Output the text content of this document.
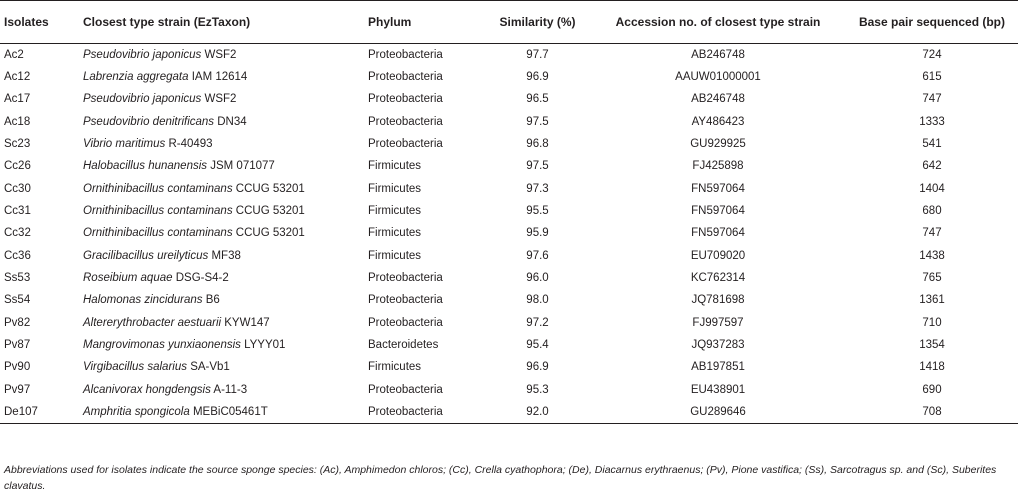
Isolates	Closest type strain (EzTaxon)	Phylum	Similarity (%)	Accession no. of closest type strain	Base pair sequenced (bp)
Ac2	Pseudovibrio japonicus WSF2	Proteobacteria	97.7	AB246748	724
Ac12	Labrenzia aggregata IAM 12614	Proteobacteria	96.9	AAUW01000001	615
Ac17	Pseudovibrio japonicus WSF2	Proteobacteria	96.5	AB246748	747
Ac18	Pseudovibrio denitrificans DN34	Proteobacteria	97.5	AY486423	1333
Sc23	Vibrio maritimus R-40493	Proteobacteria	96.8	GU929925	541
Cc26	Halobacillus hunanensis JSM 071077	Firmicutes	97.5	FJ425898	642
Cc30	Ornithinibacillus contaminans CCUG 53201	Firmicutes	97.3	FN597064	1404
Cc31	Ornithinibacillus contaminans CCUG 53201	Firmicutes	95.5	FN597064	680
Cc32	Ornithinibacillus contaminans CCUG 53201	Firmicutes	95.9	FN597064	747
Cc36	Gracilibacillus ureilyticus MF38	Firmicutes	97.6	EU709020	1438
Ss53	Roseibium aquae DSG-S4-2	Proteobacteria	96.0	KC762314	765
Ss54	Halomonas zincidurans B6	Proteobacteria	98.0	JQ781698	1361
Pv82	Altererythrobacter aestuarii KYW147	Proteobacteria	97.2	FJ997597	710
Pv87	Mangrovimonas yunxiaonensis LYYY01	Bacteroidetes	95.4	JQ937283	1354
Pv90	Virgibacillus salarius SA-Vb1	Firmicutes	96.9	AB197851	1418
Pv97	Alcanivorax hongdengsis A-11-3	Proteobacteria	95.3	EU438901	690
De107	Amphritia spongicola MEBiC05461T	Proteobacteria	92.0	GU289646	708
Abbreviations used for isolates indicate the source sponge species: (Ac), Amphimedon chloros; (Cc), Crella cyathophora; (De), Diacarnus erythraenus; (Pv), Pione vastifica; (Ss), Sarcotragus sp. and (Sc), Suberites clavatus.
